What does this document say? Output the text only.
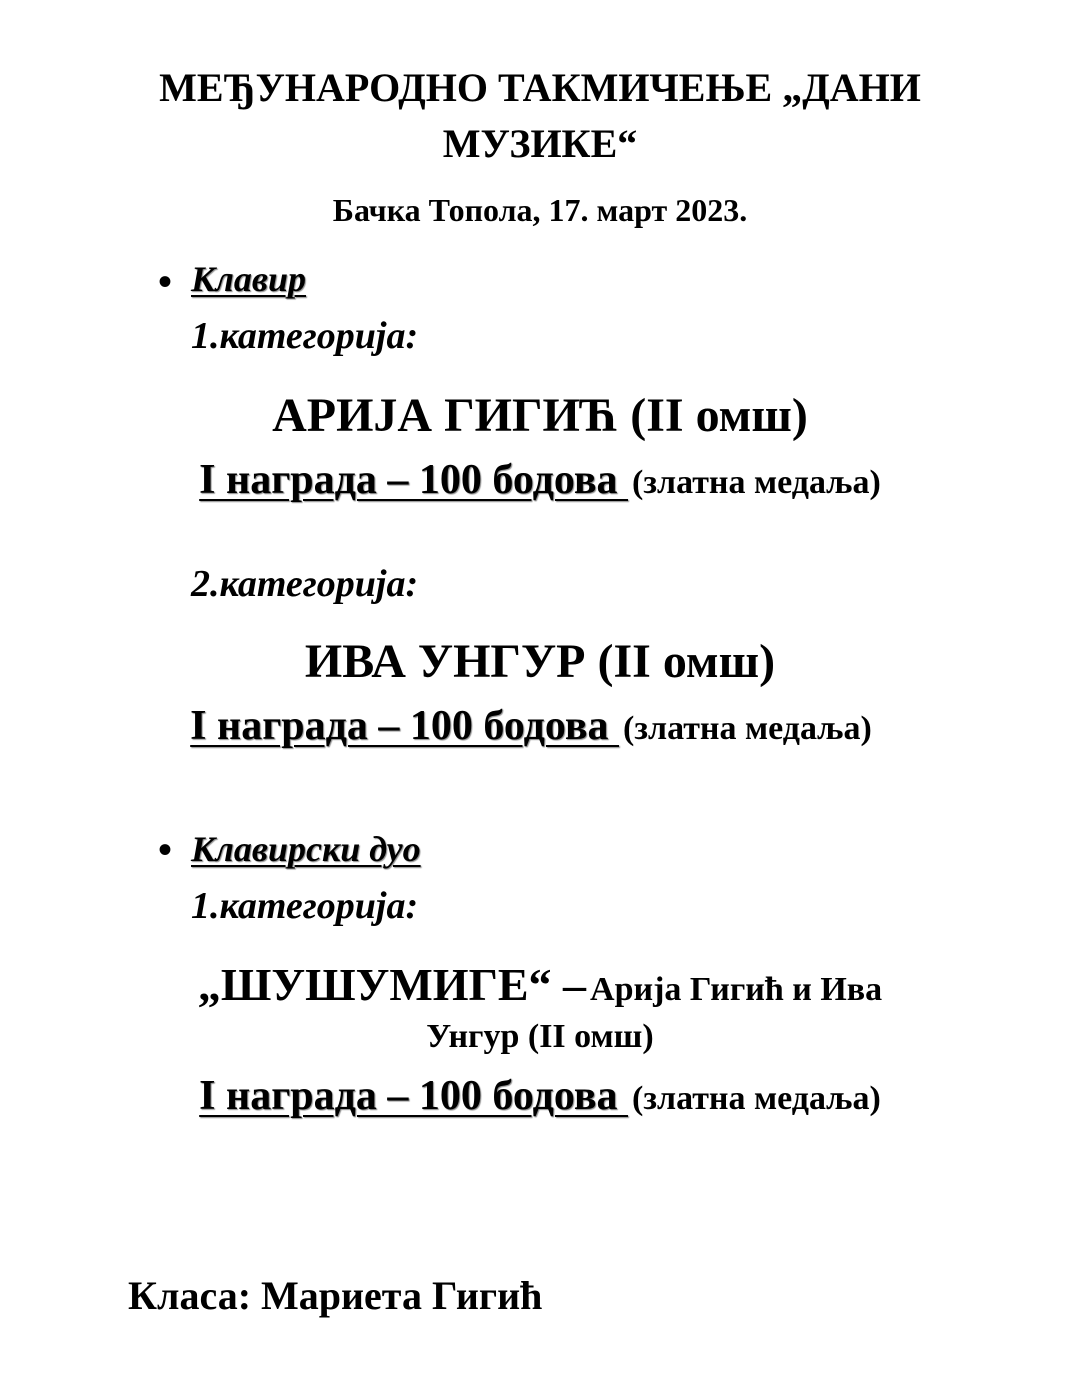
МЕЂУНАРОДНО ТАКМИЧЕЊЕ „ДАНИ
МУЗИКЕ“
Бачка Топола, 17. март 2023.
• Клавир
1.категорија:
АРИЈА ГИГИЋ (II омш)
I награда – 100 бодова  (златна медаља)
2.категорија:
ИВА УНГУР (II омш)
I награда – 100 бодова  (златна медаља)
• Клавирски дуо
1.категорија:
„ШУШУМИГЕ“ – Арија Гигић и Ива
Унгур (II омш)
I награда – 100 бодова  (златна медаља)
Класа: Мариета Гигић
